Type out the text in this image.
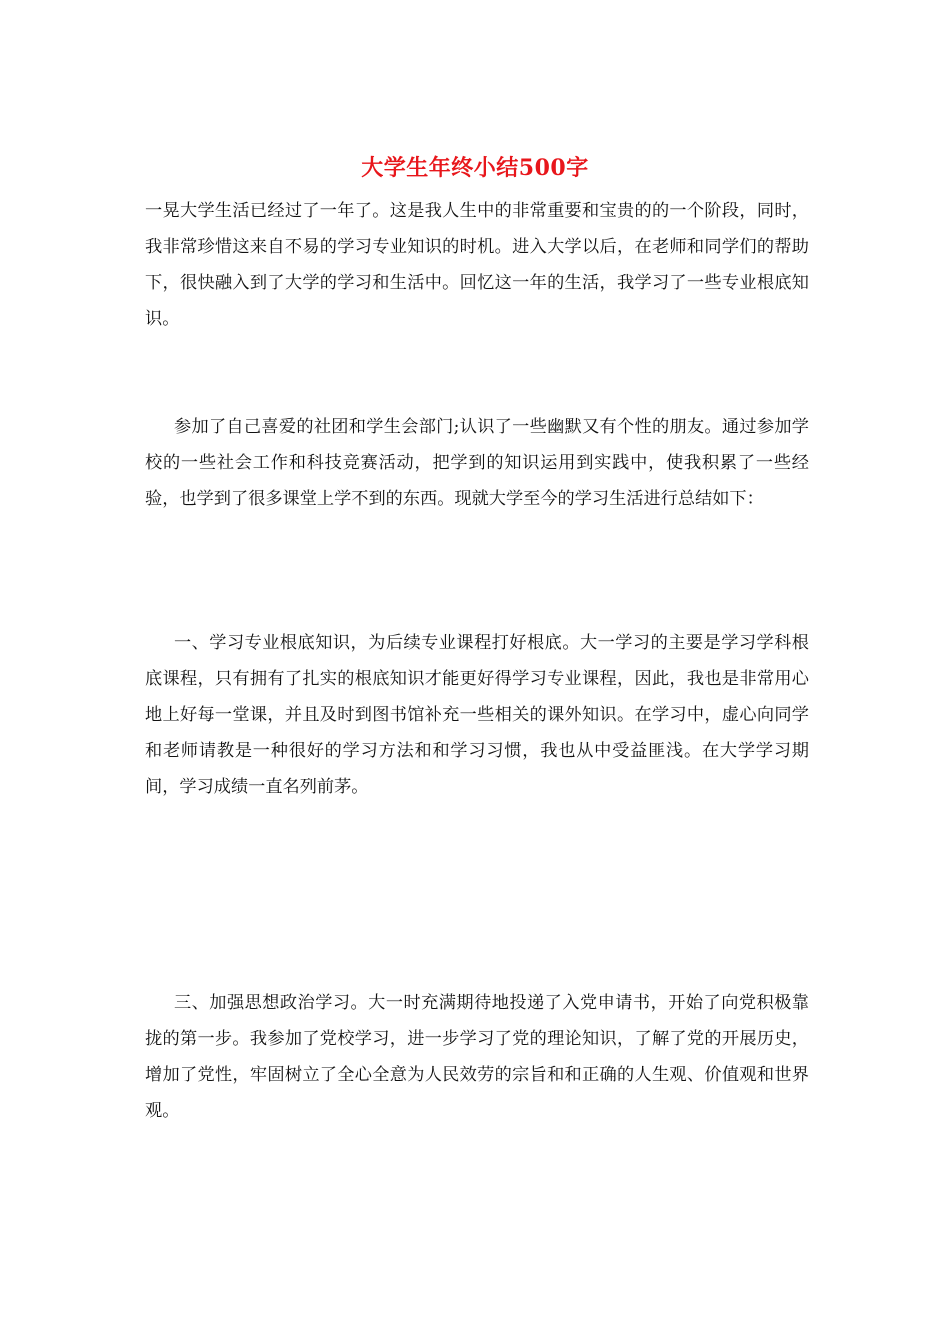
大学生年终小结500字

一晃大学生活已经过了一年了。这是我人生中的非常重要和宝贵的的一个阶段，同时，我非常珍惜这来自不易的学习专业知识的时机。进入大学以后，在老师和同学们的帮助下，很快融入到了大学的学习和生活中。回忆这一年的生活，我学习了一些专业根底知识。

参加了自己喜爱的社团和学生会部门;认识了一些幽默又有个性的朋友。通过参加学校的一些社会工作和科技竞赛活动，把学到的知识运用到实践中，使我积累了一些经验，也学到了很多课堂上学不到的东西。现就大学至今的学习生活进行总结如下：

一、学习专业根底知识，为后续专业课程打好根底。大一学习的主要是学习学科根底课程，只有拥有了扎实的根底知识才能更好得学习专业课程，因此，我也是非常用心地上好每一堂课，并且及时到图书馆补充一些相关的课外知识。在学习中，虚心向同学和老师请教是一种很好的学习方法和和学习习惯，我也从中受益匪浅。在大学学习期间，学习成绩一直名列前茅。

三、加强思想政治学习。大一时充满期待地投递了入党申请书，开始了向党积极靠拢的第一步。我参加了党校学习，进一步学习了党的理论知识，了解了党的开展历史，增加了党性，牢固树立了全心全意为人民效劳的宗旨和和正确的人生观、价值观和世界观。
